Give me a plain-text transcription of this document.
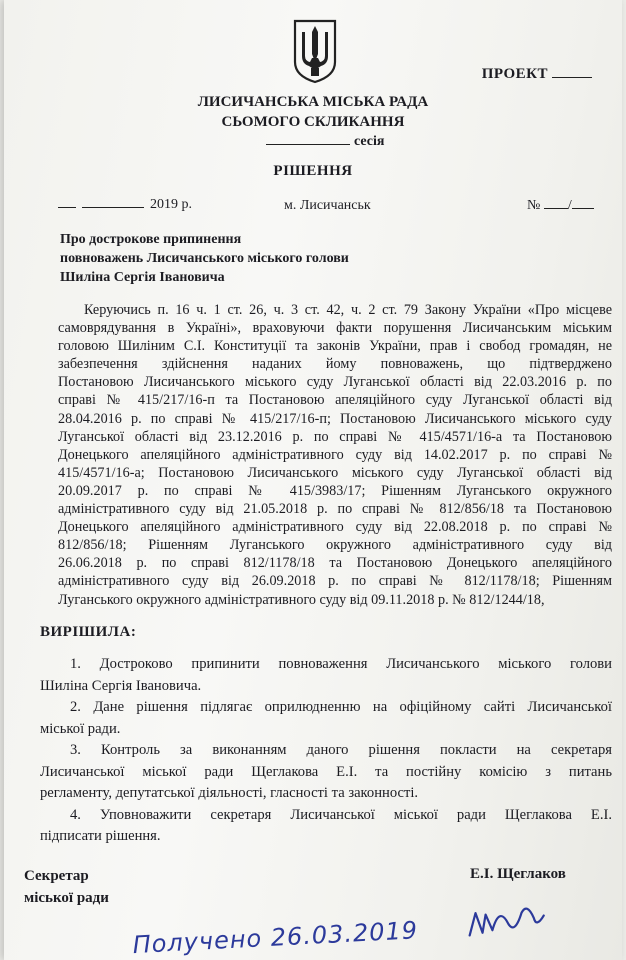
ПРОЕКТ
ЛИСИЧАНСЬКА МІСЬКА РАДА
СЬОМОГО СКЛИКАННЯ
сесія
РІШЕННЯ
2019 р.	м. Лисичанськ	№ /
Про дострокове припинення
повноважень Лисичанського міського голови
Шиліна Сергія Івановича
Керуючись п. 16 ч. 1 ст. 26, ч. 3 ст. 42, ч. 2 ст. 79 Закону України «Про місцеве
самоврядування в Україні», враховуючи факти порушення Лисичанським міським
головою Шиліним С.І. Конституції та законів України, прав і свобод громадян, не
забезпечення здійснення наданих йому повноважень, що підтверджено
Постановою Лисичанського міського суду Луганської області від 22.03.2016 р. по
справі № 415/217/16-п та Постановою апеляційного суду Луганської області від
28.04.2016 р. по справі № 415/217/16-п; Постановою Лисичанського міського суду
Луганської області від 23.12.2016 р. по справі № 415/4571/16-а та Постановою
Донецького апеляційного адміністративного суду від 14.02.2017 р. по справі №
415/4571/16-а; Постановою Лисичанського міського суду Луганської області від
20.09.2017 р. по справі № 415/3983/17; Рішенням Луганського окружного
адміністративного суду від 21.05.2018 р. по справі № 812/856/18 та Постановою
Донецького апеляційного адміністративного суду від 22.08.2018 р. по справі №
812/856/18; Рішенням Луганського окружного адміністративного суду від
26.06.2018 р. по справі 812/1178/18 та Постановою Донецького апеляційного
адміністративного суду від 26.09.2018 р. по справі № 812/1178/18; Рішенням
Луганського окружного адміністративного суду від 09.11.2018 р. № 812/1244/18,
ВИРІШИЛА:
1. Достроково припинити повноваження Лисичанського міського голови
Шиліна Сергія Івановича.
2. Дане рішення підлягає оприлюдненню на офіційному сайті Лисичанської
міської ради.
3. Контроль за виконанням даного рішення покласти на секретаря
Лисичанської міської ради Щеглакова Е.І. та постійну комісію з питань
регламенту, депутатської діяльності, гласності та законності.
4. Уповноважити секретаря Лисичанської міської ради Щеглакова Е.І.
підписати рішення.
Секретар
міської ради
Е.І. Щеглаков
Получено 26.03.2019
